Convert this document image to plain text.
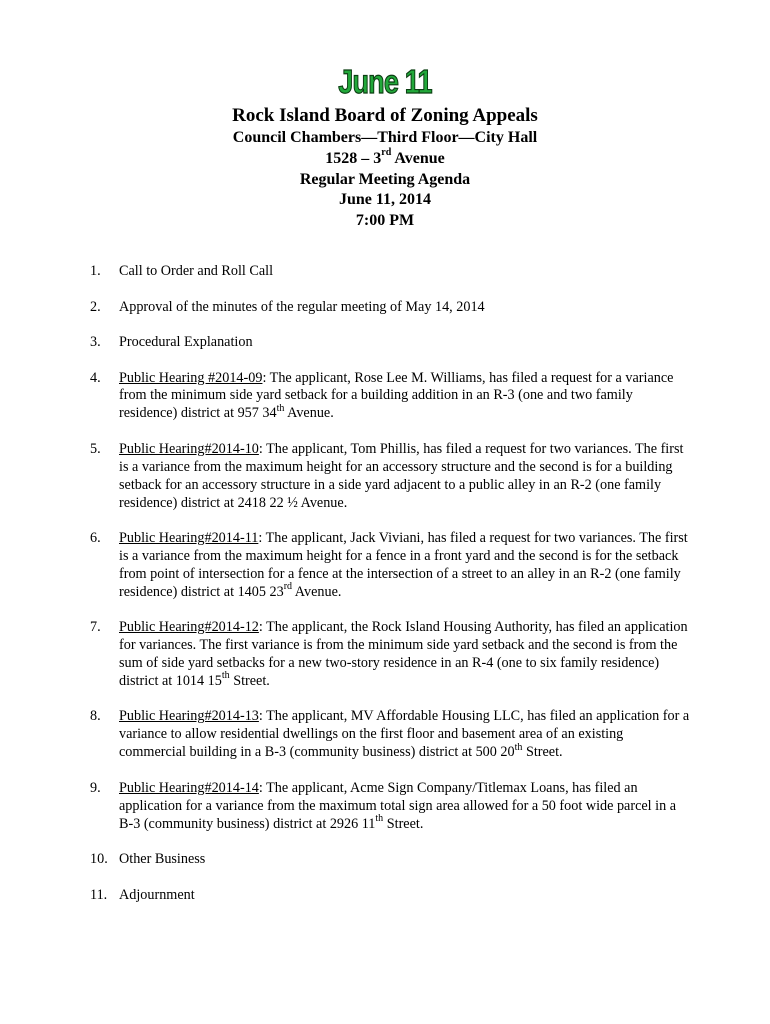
June 11
Rock Island Board of Zoning Appeals
Council Chambers—Third Floor—City Hall
1528 – 3rd Avenue
Regular Meeting Agenda
June 11, 2014
7:00 PM
1. Call to Order and Roll Call
2. Approval of the minutes of the regular meeting of May 14, 2014
3. Procedural Explanation
4. Public Hearing #2014-09: The applicant, Rose Lee M. Williams, has filed a request for a variance from the minimum side yard setback for a building addition in an R-3 (one and two family residence) district at 957 34th Avenue.
5. Public Hearing#2014-10: The applicant, Tom Phillis, has filed a request for two variances. The first is a variance from the maximum height for an accessory structure and the second is for a building setback for an accessory structure in a side yard adjacent to a public alley in an R-2 (one family residence) district at 2418 22 ½ Avenue.
6. Public Hearing#2014-11: The applicant, Jack Viviani, has filed a request for two variances. The first is a variance from the maximum height for a fence in a front yard and the second is for the setback from point of intersection for a fence at the intersection of a street to an alley in an R-2 (one family residence) district at 1405 23rd Avenue.
7. Public Hearing#2014-12: The applicant, the Rock Island Housing Authority, has filed an application for variances. The first variance is from the minimum side yard setback and the second is from the sum of side yard setbacks for a new two-story residence in an R-4 (one to six family residence) district at 1014 15th Street.
8. Public Hearing#2014-13: The applicant, MV Affordable Housing LLC, has filed an application for a variance to allow residential dwellings on the first floor and basement area of an existing commercial building in a B-3 (community business) district at 500 20th Street.
9. Public Hearing#2014-14: The applicant, Acme Sign Company/Titlemax Loans, has filed an application for a variance from the maximum total sign area allowed for a 50 foot wide parcel in a B-3 (community business) district at 2926 11th Street.
10. Other Business
11. Adjournment
